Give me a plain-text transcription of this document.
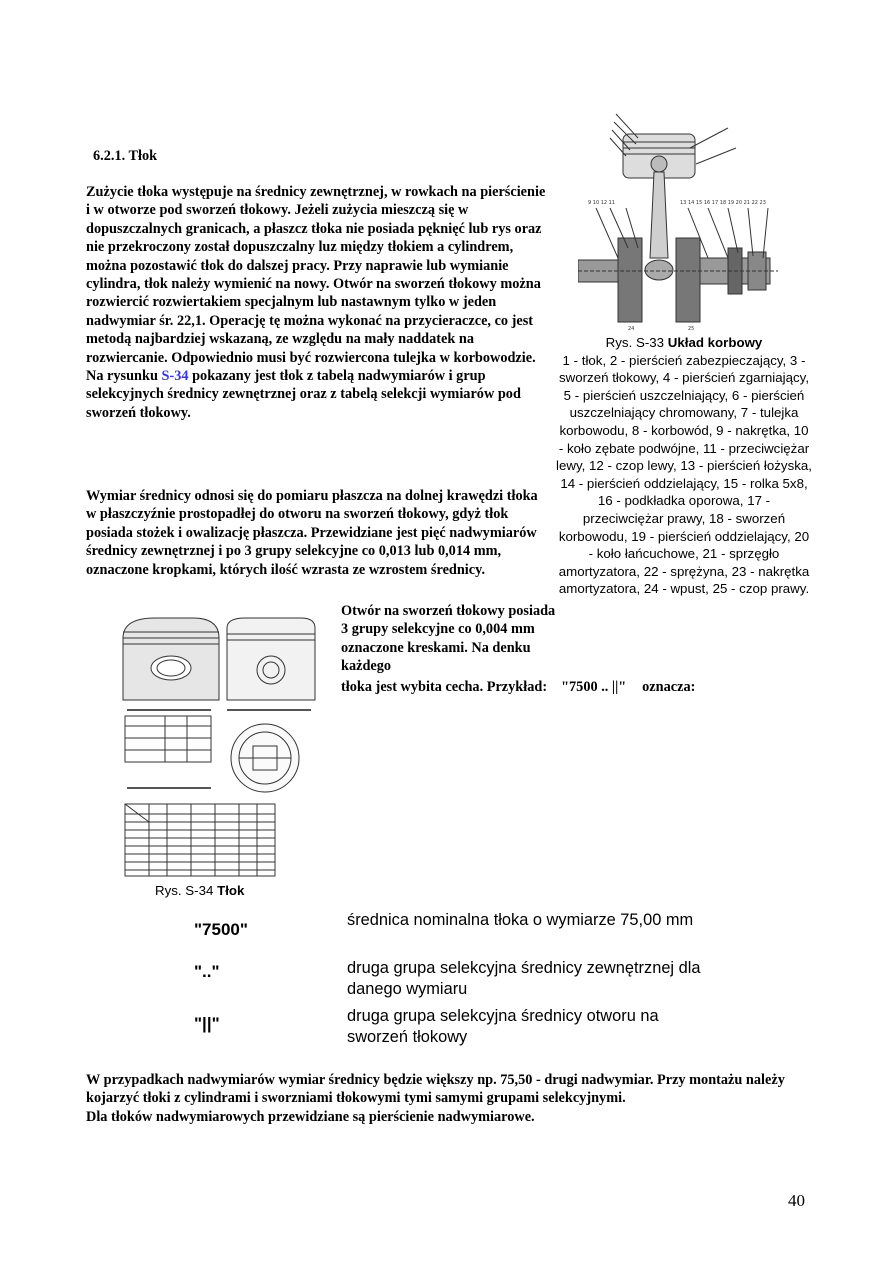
6.2.1. Tłok
Zużycie tłoka występuje na średnicy zewnętrznej, w rowkach na pierścienie i w otworze pod sworzeń tłokowy. Jeżeli zużycia mieszczą się w dopuszczalnych granicach, a płaszcz tłoka nie posiada pęknięć lub rys oraz nie przekroczony został dopuszczalny luz między tłokiem a cylindrem, można pozostawić tłok do dalszej pracy. Przy naprawie lub wymianie cylindra, tłok należy wymienić na nowy. Otwór na sworzeń tłokowy można rozwiercić rozwiertakiem specjalnym lub nastawnym tylko w jeden nadwymiar śr. 22,1. Operację tę można wykonać na przycieraczce, co jest metodą najbardziej wskazaną, ze względu na mały naddatek na rozwiercanie. Odpowiednio musi być rozwiercona tulejka w korbowodzie. Na rysunku S-34 pokazany jest tłok z tabelą nadwymiarów i grup selekcyjnych średnicy zewnętrznej oraz z tabelą selekcji wymiarów pod sworzeń tłokowy.
Wymiar średnicy odnosi się do pomiaru płaszcza na dolnej krawędzi tłoka w płaszczyźnie prostopadłej do otworu na sworzeń tłokowy, gdyż tłok posiada stożek i owalizację płaszcza. Przewidziane jest pięć nadwymiarów średnicy zewnętrznej i po 3 grupy selekcyjne co 0,013 lub 0,014 mm, oznaczone kropkami, których ilość wzrasta ze wzrostem średnicy.
Otwór na sworzeń tłokowy posiada 3 grupy selekcyjne co 0,004 mm oznaczone kreskami. Na denku każdego
tłoka jest wybita cecha. Przykład: "7500 .. ||" oznacza:
9 10 12 11	13 14 15 16 17 18 19 20 21 22 23
24	25
Rys. S-33 Układ korbowy
1 - tłok, 2 - pierścień zabezpieczający, 3 - sworzeń tłokowy, 4 - pierścień zgarniający, 5 - pierścień uszczelniający, 6 - pierścień uszczelniający chromowany, 7 - tulejka korbowodu, 8 - korbowód, 9 - nakrętka, 10 - koło zębate podwójne, 11 - przeciwciężar lewy, 12 - czop lewy, 13 - pierścień łożyska, 14 - pierścień oddzielający, 15 - rolka 5x8, 16 - podkładka oporowa, 17 - przeciwciężar prawy, 18 - sworzeń korbowodu, 19 - pierścień oddzielający, 20 - koło łańcuchowe, 21 - sprzęgło amortyzatora, 22 - sprężyna, 23 - nakrętka amortyzatora, 24 - wpust, 25 - czop prawy.
Rys. S-34 Tłok
"7500"	średnica nominalna tłoka o wymiarze 75,00 mm
".."	druga grupa selekcyjna średnicy zewnętrznej dla danego wymiaru
"||"	druga grupa selekcyjna średnicy otworu na sworzeń tłokowy
W przypadkach nadwymiarów wymiar średnicy będzie większy np. 75,50 - drugi nadwymiar. Przy montażu należy kojarzyć tłoki z cylindrami i sworzniami tłokowymi tymi samymi grupami selekcyjnymi.
Dla tłoków nadwymiarowych przewidziane są pierścienie nadwymiarowe.
40
